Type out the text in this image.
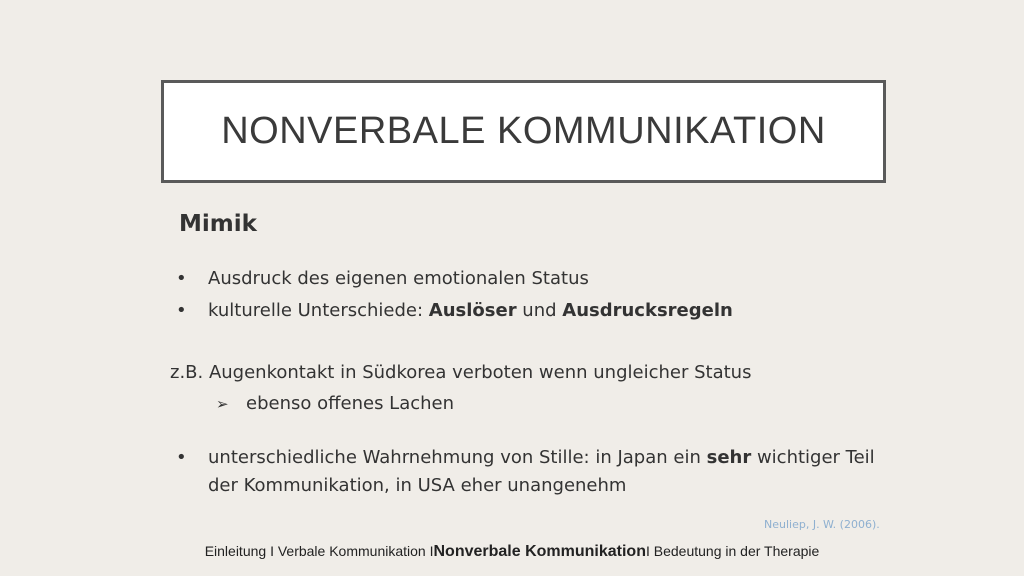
NONVERBALE KOMMUNIKATION
Mimik
•	Ausdruck des eigenen emotionalen Status
•	kulturelle Unterschiede: Auslöser und Ausdrucksregeln
z.B. Augenkontakt in Südkorea verboten wenn ungleicher Status
➢ ebenso offenes Lachen
•	unterschiedliche Wahrnehmung von Stille: in Japan ein sehr wichtiger Teil
der Kommunikation, in USA eher unangenehm
Neuliep, J. W. (2006).
Einleitung I Verbale Kommunikation I Nonverbale Kommunikation I Bedeutung in der Therapie
